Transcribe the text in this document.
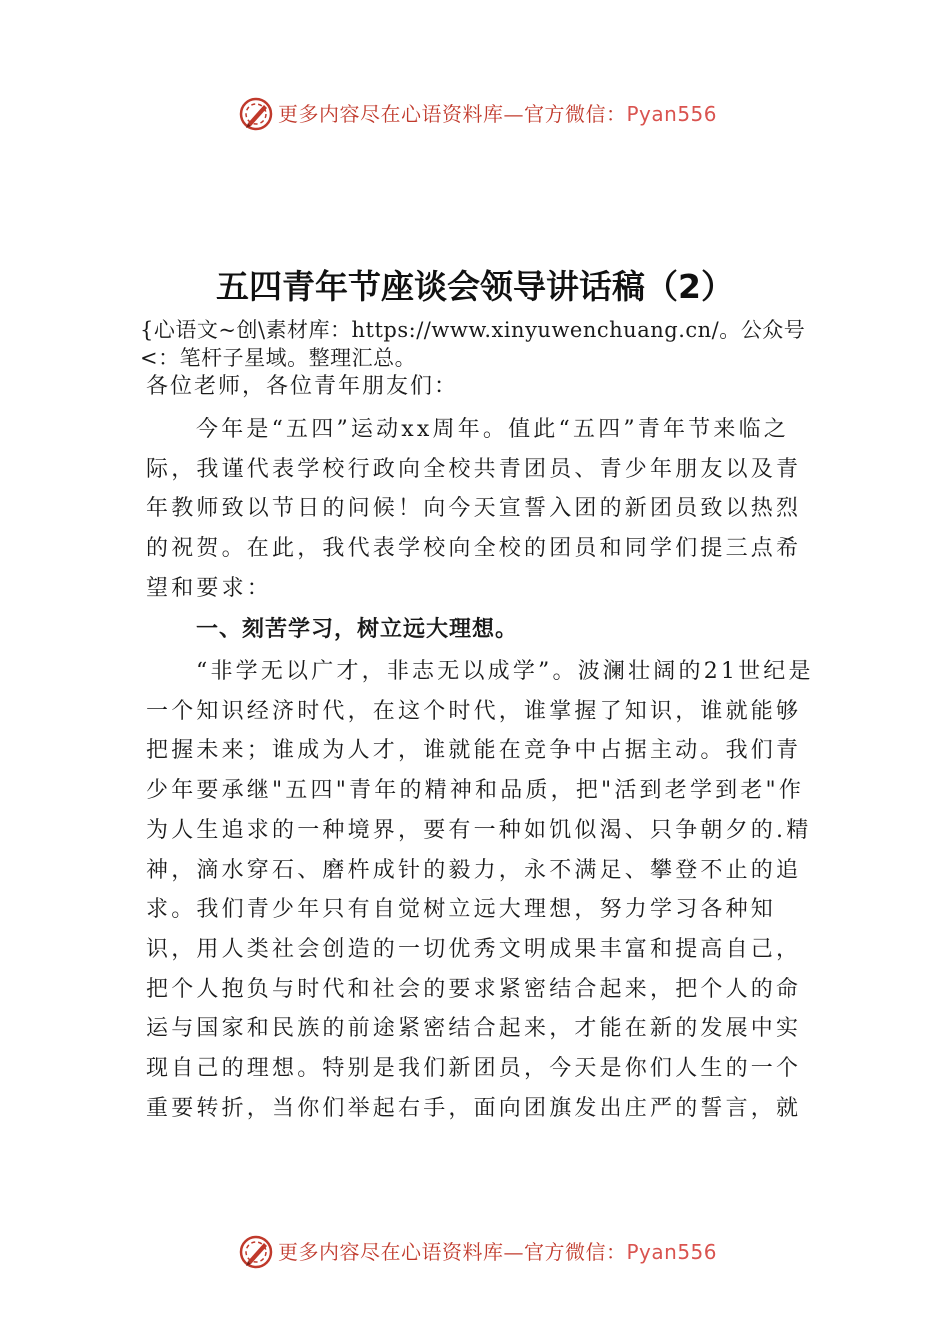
更多内容尽在心语资料库—官方微信：Pyan556
五四青年节座谈会领导讲话稿（2）
{心语文~创\素材库：https://www.xinyuwenchuang.cn/。公众号<：笔杆子星域。整理汇总。
各位老师，各位青年朋友们：

今年是“五四”运动xx周年。值此“五四”青年节来临之际，我谨代表学校行政向全校共青团员、青少年朋友以及青年教师致以节日的问候！向今天宣誓入团的新团员致以热烈的祝贺。在此，我代表学校向全校的团员和同学们提三点希望和要求：

一、刻苦学习，树立远大理想。

“非学无以广才，非志无以成学”。波澜壮阔的21世纪是一个知识经济时代，在这个时代，谁掌握了知识，谁就能够把握未来；谁成为人才，谁就能在竞争中占据主动。我们青少年要承继"五四"青年的精神和品质，把"活到老学到老"作为人生追求的一种境界，要有一种如饥似渴、只争朝夕的.精神，滴水穿石、磨杵成针的毅力，永不满足、攀登不止的追求。我们青少年只有自觉树立远大理想，努力学习各种知识，用人类社会创造的一切优秀文明成果丰富和提高自己， 把个人抱负与时代和社会的要求紧密结合起来，把个人的命运与国家和民族的前途紧密结合起来，才能在新的发展中实现自己的理想。特别是我们新团员，今天是你们人生的一个重要转折，当你们举起右手，面向团旗发出庄严的誓言，就

更多内容尽在心语资料库—官方微信：Pyan556
